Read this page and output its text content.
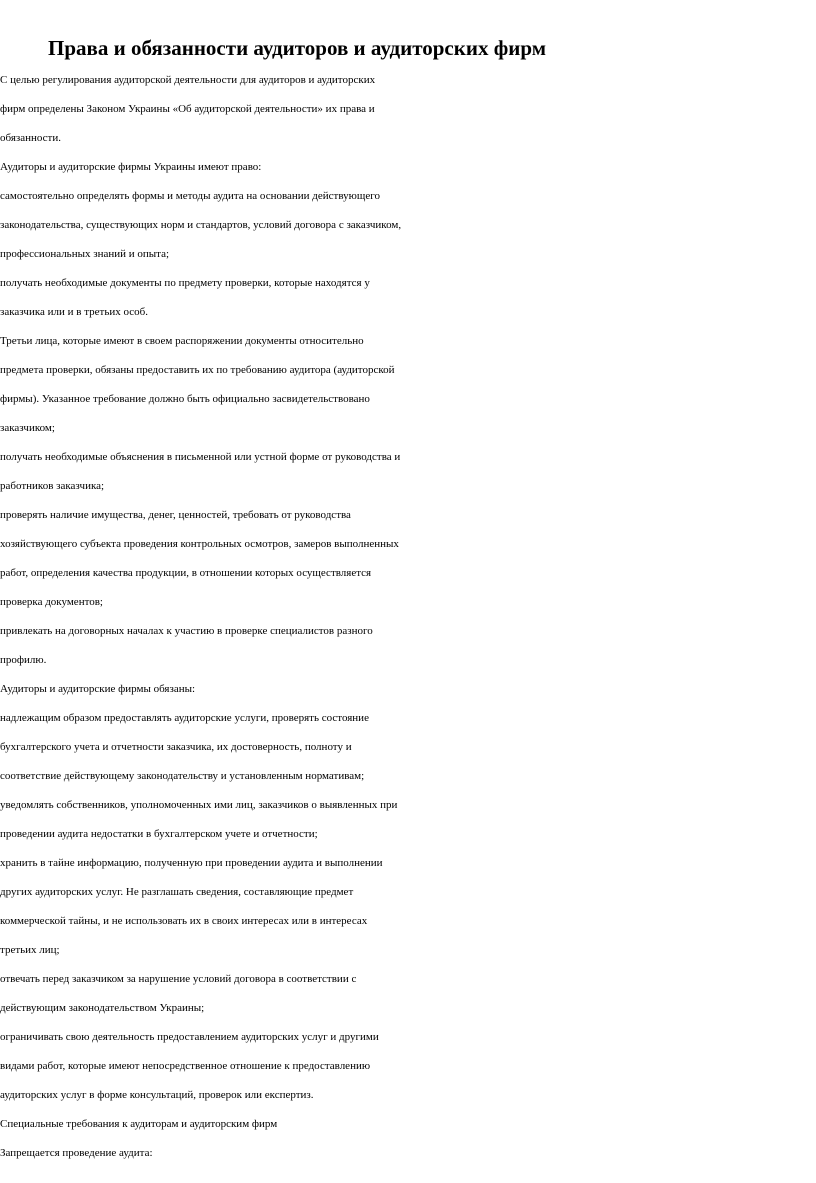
Права и обязанности аудиторов и аудиторских фирм

С целью регулирования аудиторской деятельности для аудиторов и аудиторских

фирм определены Законом Украины «Об аудиторской деятельности» их права и

обязанности.

Аудиторы и аудиторские фирмы Украины имеют право:

самостоятельно определять формы и методы аудита на основании действующего

законодательства, существующих норм и стандартов, условий договора с заказчиком,

профессиональных знаний и опыта;

получать необходимые документы по предмету проверки, которые находятся у

заказчика или и в третьих особ.

Третьи лица, которые имеют в своем распоряжении документы относительно

предмета проверки, обязаны предоставить их по требованию аудитора (аудиторской

фирмы). Указанное требование должно быть официально засвидетельствовано

заказчиком;

получать необходимые объяснения в письменной или устной форме от руководства и

работников заказчика;

проверять наличие имущества, денег, ценностей, требовать от руководства

хозяйствующего субъекта проведения контрольных осмотров, замеров выполненных

работ, определения качества продукции, в отношении которых осуществляется

проверка документов;

привлекать на договорных началах к участию в проверке специалистов разного

профилю.

Аудиторы и аудиторские фирмы обязаны:

надлежащим образом предоставлять аудиторские услуги, проверять состояние

бухгалтерского учета и отчетности заказчика, их достоверность, полноту и

соответствие действующему законодательству и установленным нормативам;

уведомлять собственников, уполномоченных ими лиц, заказчиков о выявленных при

проведении аудита недостатки в бухгалтерском учете и отчетности;

хранить в тайне информацию, полученную при проведении аудита и выполнении

других аудиторских услуг. Не разглашать сведения, составляющие предмет

коммерческой тайны, и не использовать их в своих интересах или в интересах

третьих лиц;

отвечать перед заказчиком за нарушение условий договора в соответствии с

действующим законодательством Украины;

ограничивать свою деятельность предоставлением аудиторских услуг и другими

видами работ, которые имеют непосредственное отношение к предоставлению

аудиторских услуг в форме консультаций, проверок или експертиз.

Специальные требования к аудиторам и аудиторским фирм

Запрещается проведение аудита:
